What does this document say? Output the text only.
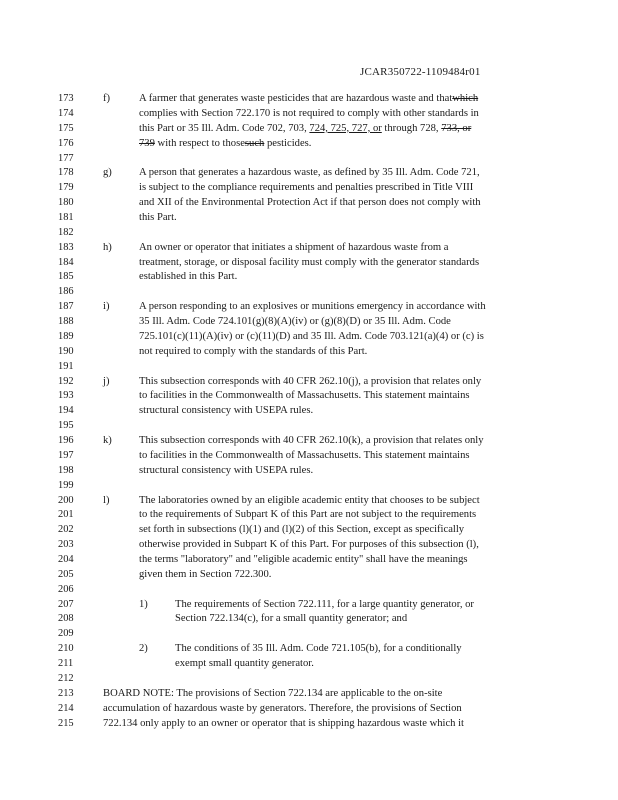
JCAR350722-1109484r01
173	f)	A farmer that generates waste pesticides that are hazardous waste and thatwhich
174	complies with Section 722.170 is not required to comply with other standards in
175	this Part or 35 Ill. Adm. Code 702, 703, 724, 725, 727, or through 728, 733, or
176	739 with respect to thosesuch pesticides.
177
178	g)	A person that generates a hazardous waste, as defined by 35 Ill. Adm. Code 721,
179	is subject to the compliance requirements and penalties prescribed in Title VIII
180	and XII of the Environmental Protection Act if that person does not comply with
181	this Part.
182
183	h)	An owner or operator that initiates a shipment of hazardous waste from a
184	treatment, storage, or disposal facility must comply with the generator standards
185	established in this Part.
186
187	i)	A person responding to an explosives or munitions emergency in accordance with
188	35 Ill. Adm. Code 724.101(g)(8)(A)(iv) or (g)(8)(D) or 35 Ill. Adm. Code
189	725.101(c)(11)(A)(iv) or (c)(11)(D) and 35 Ill. Adm. Code 703.121(a)(4) or (c) is
190	not required to comply with the standards of this Part.
191
192	j)	This subsection corresponds with 40 CFR 262.10(j), a provision that relates only
193	to facilities in the Commonwealth of Massachusetts. This statement maintains
194	structural consistency with USEPA rules.
195
196	k)	This subsection corresponds with 40 CFR 262.10(k), a provision that relates only
197	to facilities in the Commonwealth of Massachusetts. This statement maintains
198	structural consistency with USEPA rules.
199
200	l)	The laboratories owned by an eligible academic entity that chooses to be subject
201	to the requirements of Subpart K of this Part are not subject to the requirements
202	set forth in subsections (l)(1) and (l)(2) of this Section, except as specifically
203	otherwise provided in Subpart K of this Part. For purposes of this subsection (l),
204	the terms "laboratory" and "eligible academic entity" shall have the meanings
205	given them in Section 722.300.
206
207	1)	The requirements of Section 722.111, for a large quantity generator, or
208	Section 722.134(c), for a small quantity generator; and
209
210	2)	The conditions of 35 Ill. Adm. Code 721.105(b), for a conditionally
211	exempt small quantity generator.
212
213	BOARD NOTE: The provisions of Section 722.134 are applicable to the on-site
214	accumulation of hazardous waste by generators. Therefore, the provisions of Section
215	722.134 only apply to an owner or operator that is shipping hazardous waste which it
